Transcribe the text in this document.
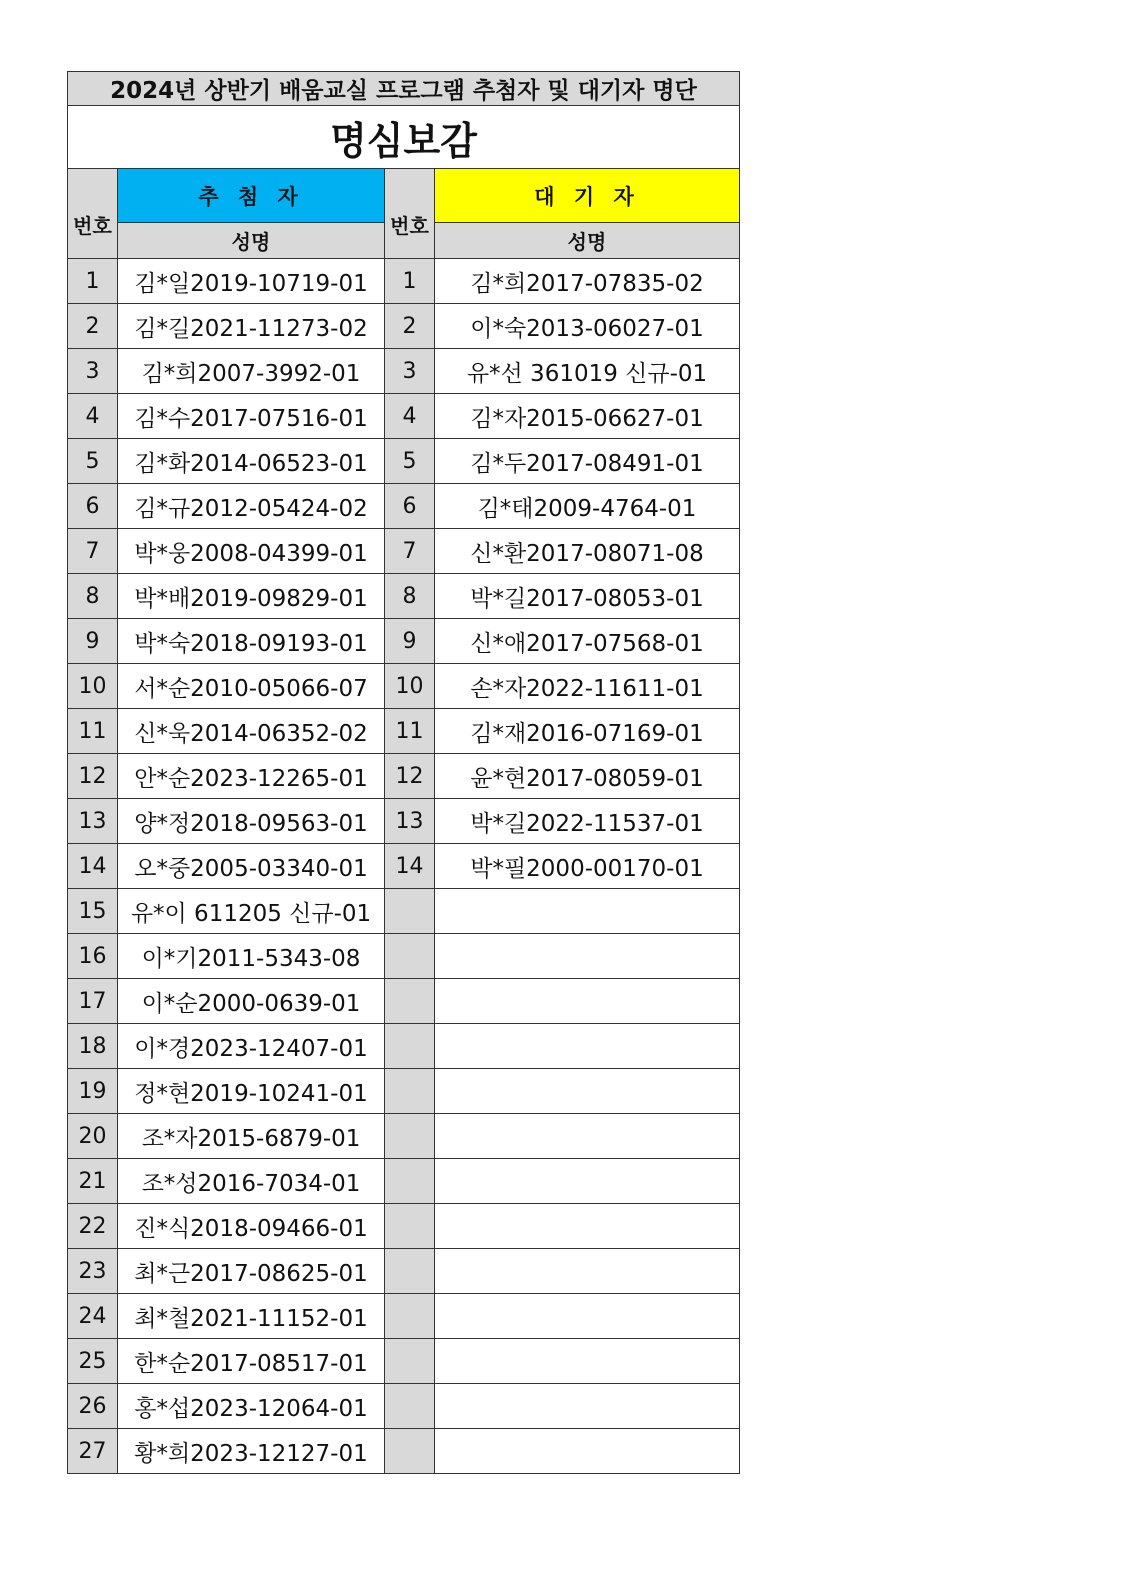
2024년 상반기 배움교실 프로그램 추첨자 및 대기자 명단			
명심보감			
번호	추 첨 자	번호	대 기 자
	성명		성명
1	김*일2019-10719-01	1	김*희2017-07835-02
2	김*길2021-11273-02	2	이*숙2013-06027-01
3	김*희2007-3992-01	3	유*선 361019 신규-01
4	김*수2017-07516-01	4	김*자2015-06627-01
5	김*화2014-06523-01	5	김*두2017-08491-01
6	김*규2012-05424-02	6	김*태2009-4764-01
7	박*웅2008-04399-01	7	신*환2017-08071-08
8	박*배2019-09829-01	8	박*길2017-08053-01
9	박*숙2018-09193-01	9	신*애2017-07568-01
10	서*순2010-05066-07	10	손*자2022-11611-01
11	신*욱2014-06352-02	11	김*재2016-07169-01
12	안*순2023-12265-01	12	윤*현2017-08059-01
13	양*정2018-09563-01	13	박*길2022-11537-01
14	오*중2005-03340-01	14	박*필2000-00170-01
15	유*이 611205 신규-01		
16	이*기2011-5343-08		
17	이*순2000-0639-01		
18	이*경2023-12407-01		
19	정*현2019-10241-01		
20	조*자2015-6879-01		
21	조*성2016-7034-01		
22	진*식2018-09466-01		
23	최*근2017-08625-01		
24	최*철2021-11152-01		
25	한*순2017-08517-01		
26	홍*섭2023-12064-01		
27	황*희2023-12127-01		
